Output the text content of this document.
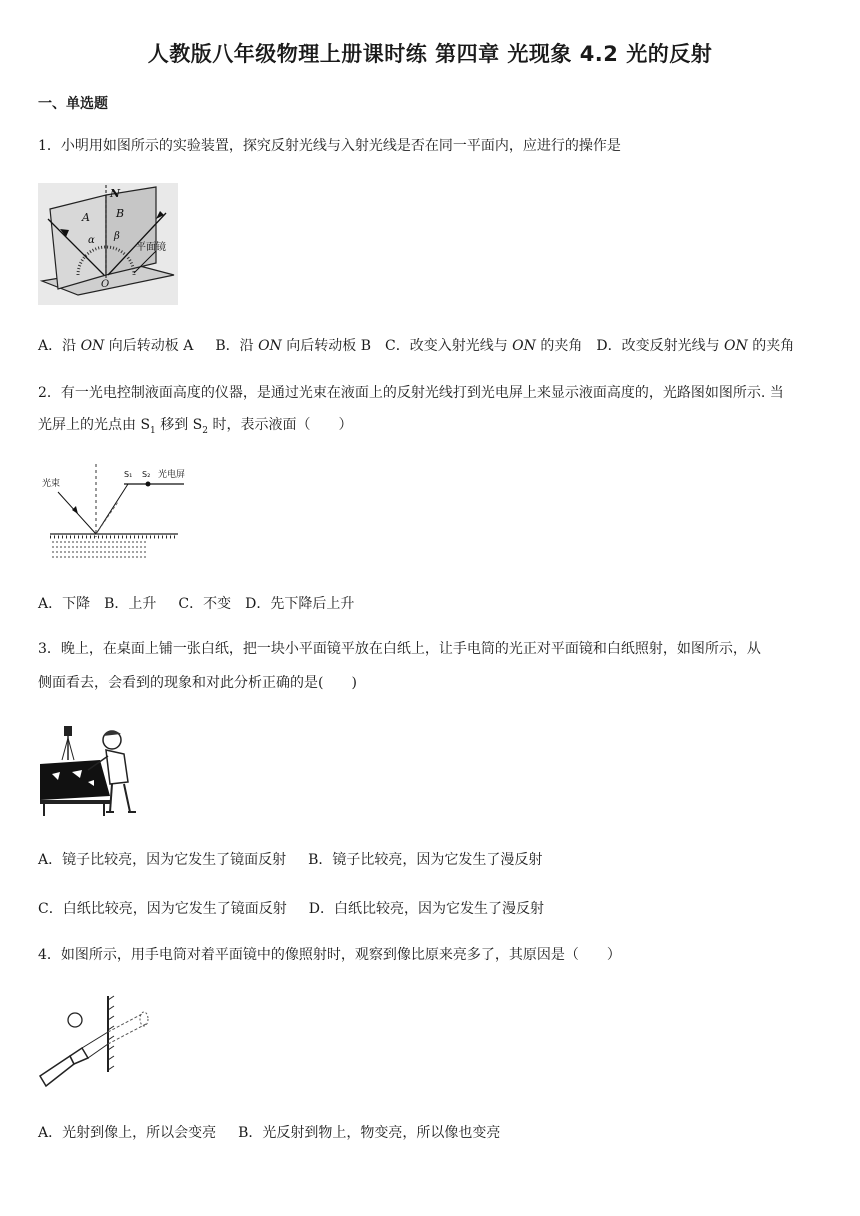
人教版八年级物理上册课时练 第四章 光现象 4.2 光的反射
一、单选题
1．小明用如图所示的实验装置，探究反射光线与入射光线是否在同一平面内，应进行的操作是
N
A B
α β
O
平面镜
A．沿 ON 向后转动板 A B．沿 ON 向后转动板 B C．改变入射光线与 ON 的夹角 D．改变反射光线与 ON 的夹角
2．有一光电控制液面高度的仪器，是通过光束在液面上的反射光线打到光电屏上来显示液面高度的，光路图如图所示. 当
光屏上的光点由 $S_1$ 移到 $S_2$ 时，表示液面（　　）
光束
S₁ S₂ 光电屏
A．下降 B．上升 C．不变 D．先下降后上升
3．晚上，在桌面上铺一张白纸，把一块小平面镜平放在白纸上，让手电筒的光正对平面镜和白纸照射，如图所示，从
侧面看去，会看到的现象和对此分析正确的是(　　)
A．镜子比较亮，因为它发生了镜面反射 B．镜子比较亮，因为它发生了漫反射
C．白纸比较亮，因为它发生了镜面反射 D．白纸比较亮，因为它发生了漫反射
4．如图所示，用手电筒对着平面镜中的像照射时，观察到像比原来亮多了，其原因是（　　）
A．光射到像上，所以会变亮 B．光反射到物上，物变亮，所以像也变亮
